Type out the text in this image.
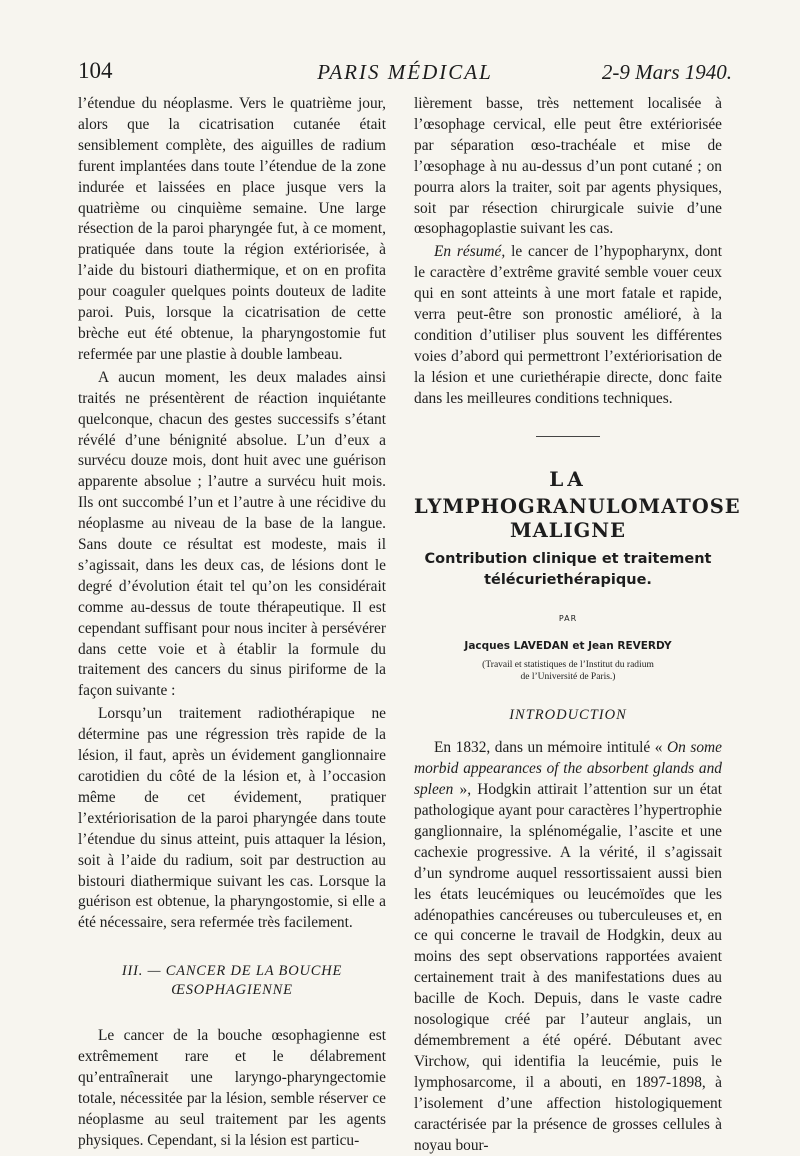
104	PARIS MÉDICAL	2-9 Mars 1940.

l’étendue du néoplasme. Vers le quatrième jour, alors que la cicatrisation cutanée était sensiblement complète, des aiguilles de radium furent implantées dans toute l’étendue de la zone indurée et laissées en place jusque vers la quatrième ou cinquième semaine. Une large résection de la paroi pharyngée fut, à ce moment, pratiquée dans toute la région extériorisée, à l’aide du bistouri diathermique, et on en profita pour coaguler quelques points douteux de ladite paroi. Puis, lorsque la cicatrisation de cette brèche eut été obtenue, la pharyngostomie fut refermée par une plastie à double lambeau.

A aucun moment, les deux malades ainsi traités ne présentèrent de réaction inquiétante quelconque, chacun des gestes successifs s’étant révélé d’une bénignité absolue. L’un d’eux a survécu douze mois, dont huit avec une guérison apparente absolue ; l’autre a survécu huit mois. Ils ont succombé l’un et l’autre à une récidive du néoplasme au niveau de la base de la langue. Sans doute ce résultat est modeste, mais il s’agissait, dans les deux cas, de lésions dont le degré d’évolution était tel qu’on les considérait comme au-dessus de toute thérapeutique. Il est cependant suffisant pour nous inciter à persévérer dans cette voie et à établir la formule du traitement des cancers du sinus piriforme de la façon suivante :

Lorsqu’un traitement radiothérapique ne détermine pas une régression très rapide de la lésion, il faut, après un évidement ganglionnaire carotidien du côté de la lésion et, à l’occasion même de cet évidement, pratiquer l’extériorisation de la paroi pharyngée dans toute l’étendue du sinus atteint, puis attaquer la lésion, soit à l’aide du radium, soit par destruction au bistouri diathermique suivant les cas. Lorsque la guérison est obtenue, la pharyngostomie, si elle a été nécessaire, sera refermée très facilement.

III. — CANCER DE LA BOUCHE
ŒSOPHAGIENNE

Le cancer de la bouche œsophagienne est extrêmement rare et le délabrement qu’entraînerait une laryngo-pharyngectomie totale, nécessitée par la lésion, semble réserver ce néoplasme au seul traitement par les agents physiques. Cependant, si la lésion est particu-

lièrement basse, très nettement localisée à l’œsophage cervical, elle peut être extériorisée par séparation œso-trachéale et mise de l’œsophage à nu au-dessus d’un pont cutané ; on pourra alors la traiter, soit par agents physiques, soit par résection chirurgicale suivie d’une œsophagoplastie suivant les cas.

En résumé, le cancer de l’hypopharynx, dont le caractère d’extrême gravité semble vouer ceux qui en sont atteints à une mort fatale et rapide, verra peut-être son pronostic amélioré, à la condition d’utiliser plus souvent les différentes voies d’abord qui permettront l’extériorisation de la lésion et une curiethérapie directe, donc faite dans les meilleures conditions techniques.

LA
LYMPHOGRANULOMATOSE
MALIGNE
Contribution clinique et traitement
télécuriethérapique.
PAR
Jacques LAVEDAN et Jean REVERDY
(Travail et statistiques de l’Institut du radium
de l’Université de Paris.)
INTRODUCTION

En 1832, dans un mémoire intitulé « On some morbid appearances of the absorbent glands and spleen », Hodgkin attirait l’attention sur un état pathologique ayant pour caractères l’hypertrophie ganglionnaire, la splénomégalie, l’ascite et une cachexie progressive. A la vérité, il s’agissait d’un syndrome auquel ressortissaient aussi bien les états leucémiques ou leucémoïdes que les adénopathies cancéreuses ou tuberculeuses et, en ce qui concerne le travail de Hodgkin, deux au moins des sept observations rapportées avaient certainement trait à des manifestations dues au bacille de Koch. Depuis, dans le vaste cadre nosologique créé par l’auteur anglais, un démembrement a été opéré. Débutant avec Virchow, qui identifia la leucémie, puis le lymphosarcome, il a abouti, en 1897-1898, à l’isolement d’une affection histologiquement caractérisée par la présence de grosses cellules à noyau bour-
